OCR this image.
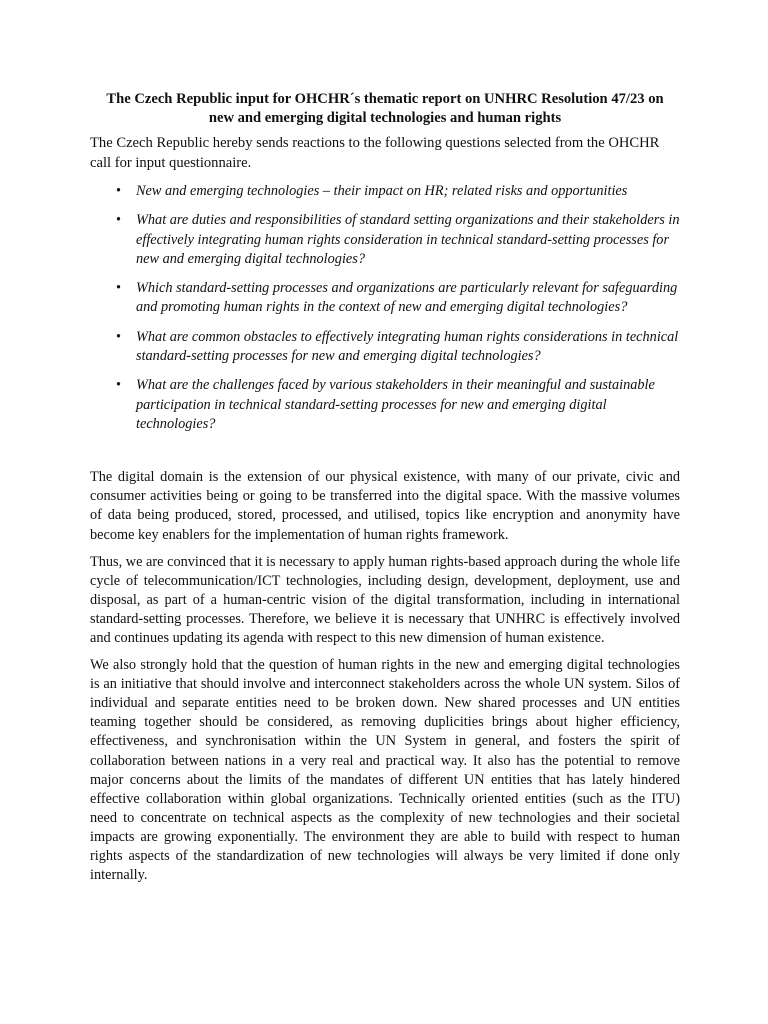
The Czech Republic input for OHCHR´s thematic report on UNHRC Resolution 47/23 on
new and emerging digital technologies and human rights

The Czech Republic hereby sends reactions to the following questions selected from the OHCHR call for input questionnaire.

• New and emerging technologies – their impact on HR; related risks and opportunities
• What are duties and responsibilities of standard setting organizations and their stakeholders in effectively integrating human rights consideration in technical standard-setting processes for new and emerging digital technologies?
• Which standard-setting processes and organizations are particularly relevant for safeguarding and promoting human rights in the context of new and emerging digital technologies?
• What are common obstacles to effectively integrating human rights considerations in technical standard-setting processes for new and emerging digital technologies?
• What are the challenges faced by various stakeholders in their meaningful and sustainable participation in technical standard-setting processes for new and emerging digital technologies?

The digital domain is the extension of our physical existence, with many of our private, civic and consumer activities being or going to be transferred into the digital space. With the massive volumes of data being produced, stored, processed, and utilised, topics like encryption and anonymity have become key enablers for the implementation of human rights framework.

Thus, we are convinced that it is necessary to apply human rights-based approach during the whole life cycle of telecommunication/ICT technologies, including design, development, deployment, use and disposal, as part of a human-centric vision of the digital transformation, including in international standard-setting processes. Therefore, we believe it is necessary that UNHRC is effectively involved and continues updating its agenda with respect to this new dimension of human existence.

We also strongly hold that the question of human rights in the new and emerging digital technologies is an initiative that should involve and interconnect stakeholders across the whole UN system. Silos of individual and separate entities need to be broken down. New shared processes and UN entities teaming together should be considered, as removing duplicities brings about higher efficiency, effectiveness, and synchronisation within the UN System in general, and fosters the spirit of collaboration between nations in a very real and practical way. It also has the potential to remove major concerns about the limits of the mandates of different UN entities that has lately hindered effective collaboration within global organizations. Technically oriented entities (such as the ITU) need to concentrate on technical aspects as the complexity of new technologies and their societal impacts are growing exponentially. The environment they are able to build with respect to human rights aspects of the standardization of new technologies will always be very limited if done only internally.
